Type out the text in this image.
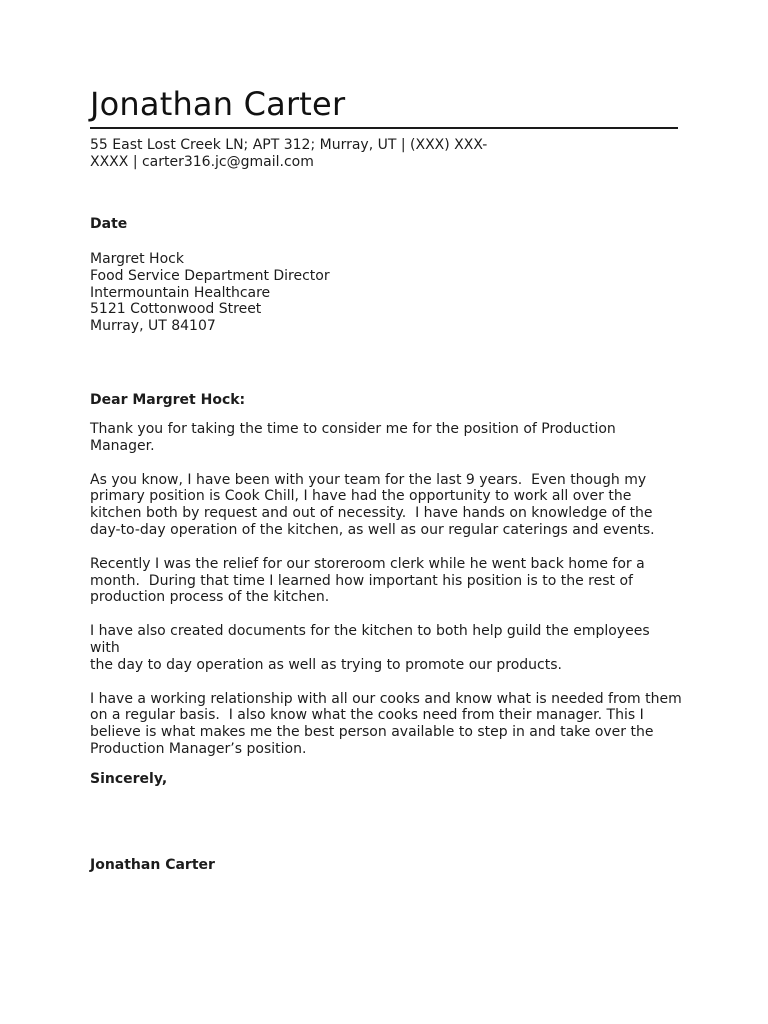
Jonathan Carter
55 East Lost Creek LN; APT 312; Murray, UT | (XXX) XXX-
XXXX | carter316.jc@gmail.com
Date
Margret Hock
Food Service Department Director
Intermountain Healthcare
5121 Cottonwood Street
Murray, UT 84107
Dear Margret Hock:

Thank you for taking the time to consider me for the position of Production Manager.

As you know, I have been with your team for the last 9 years.  Even though my
primary position is Cook Chill, I have had the opportunity to work all over the
kitchen both by request and out of necessity.  I have hands on knowledge of the
day-to-day operation of the kitchen, as well as our regular caterings and events.

Recently I was the relief for our storeroom clerk while he went back home for a
month.  During that time I learned how important his position is to the rest of
production process of the kitchen.

I have also created documents for the kitchen to both help guild the employees with
the day to day operation as well as trying to promote our products.

I have a working relationship with all our cooks and know what is needed from them
on a regular basis.  I also know what the cooks need from their manager. This I
believe is what makes me the best person available to step in and take over the
Production Manager’s position.

Sincerely,
Jonathan Carter
